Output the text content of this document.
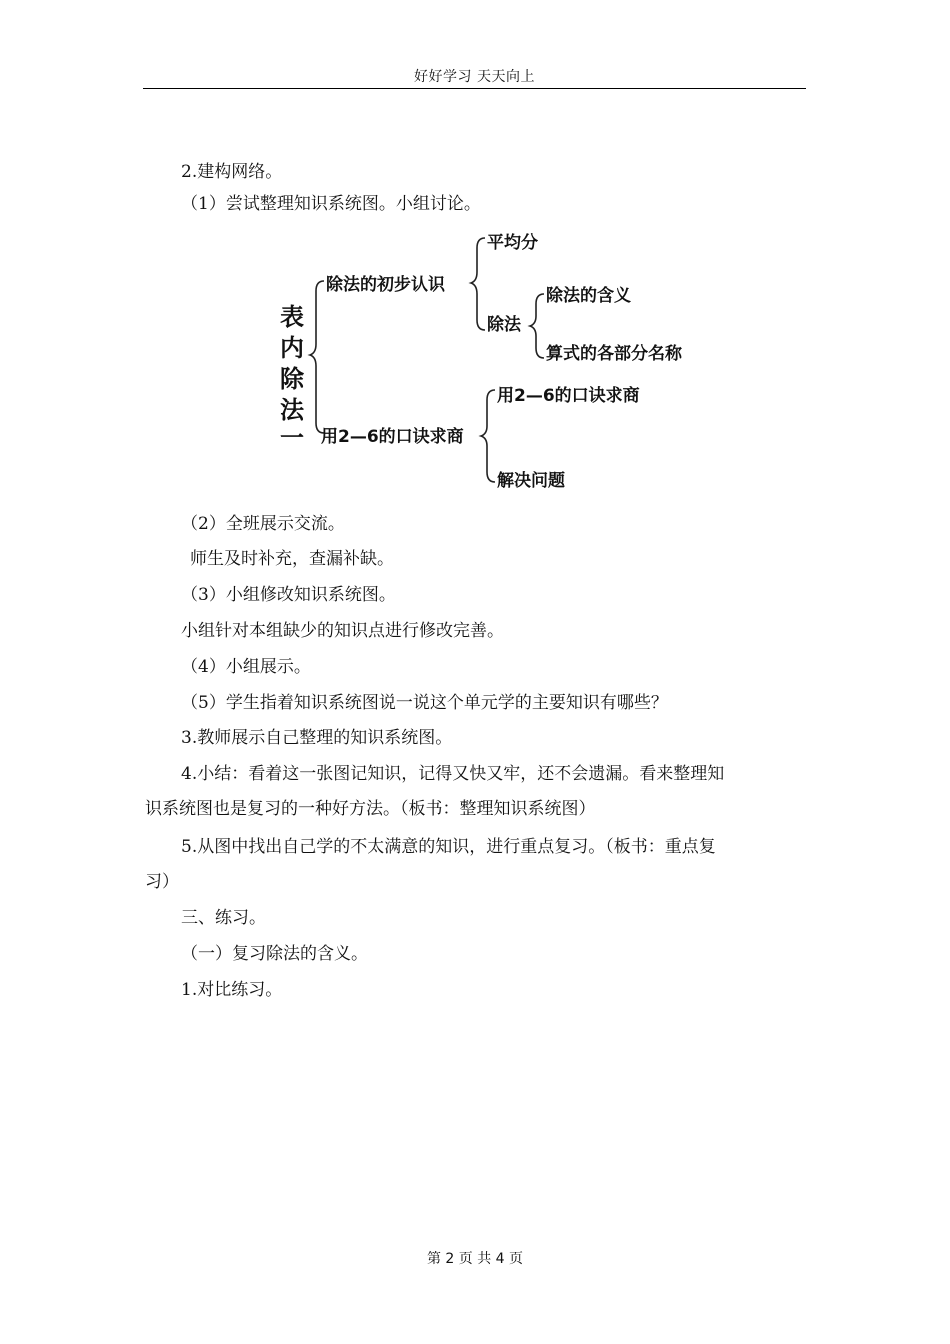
好好学习 天天向上
2.建构网络。
（1）尝试整理知识系统图。小组讨论。
表
内
除
法
一
除法的初步认识
平均分
除法
除法的含义
算式的各部分名称
用2—6的口诀求商
用2—6的口诀求商
解决问题
（2）全班展示交流。
师生及时补充，查漏补缺。
（3）小组修改知识系统图。
小组针对本组缺少的知识点进行修改完善。
（4）小组展示。
（5）学生指着知识系统图说一说这个单元学的主要知识有哪些？
3.教师展示自己整理的知识系统图。
4.小结：看着这一张图记知识，记得又快又牢，还不会遗漏。看来整理知
识系统图也是复习的一种好方法。（板书：整理知识系统图）
5.从图中找出自己学的不太满意的知识，进行重点复习。（板书：重点复
习）
三、练习。
（一）复习除法的含义。
1.对比练习。
第 2 页 共 4 页
